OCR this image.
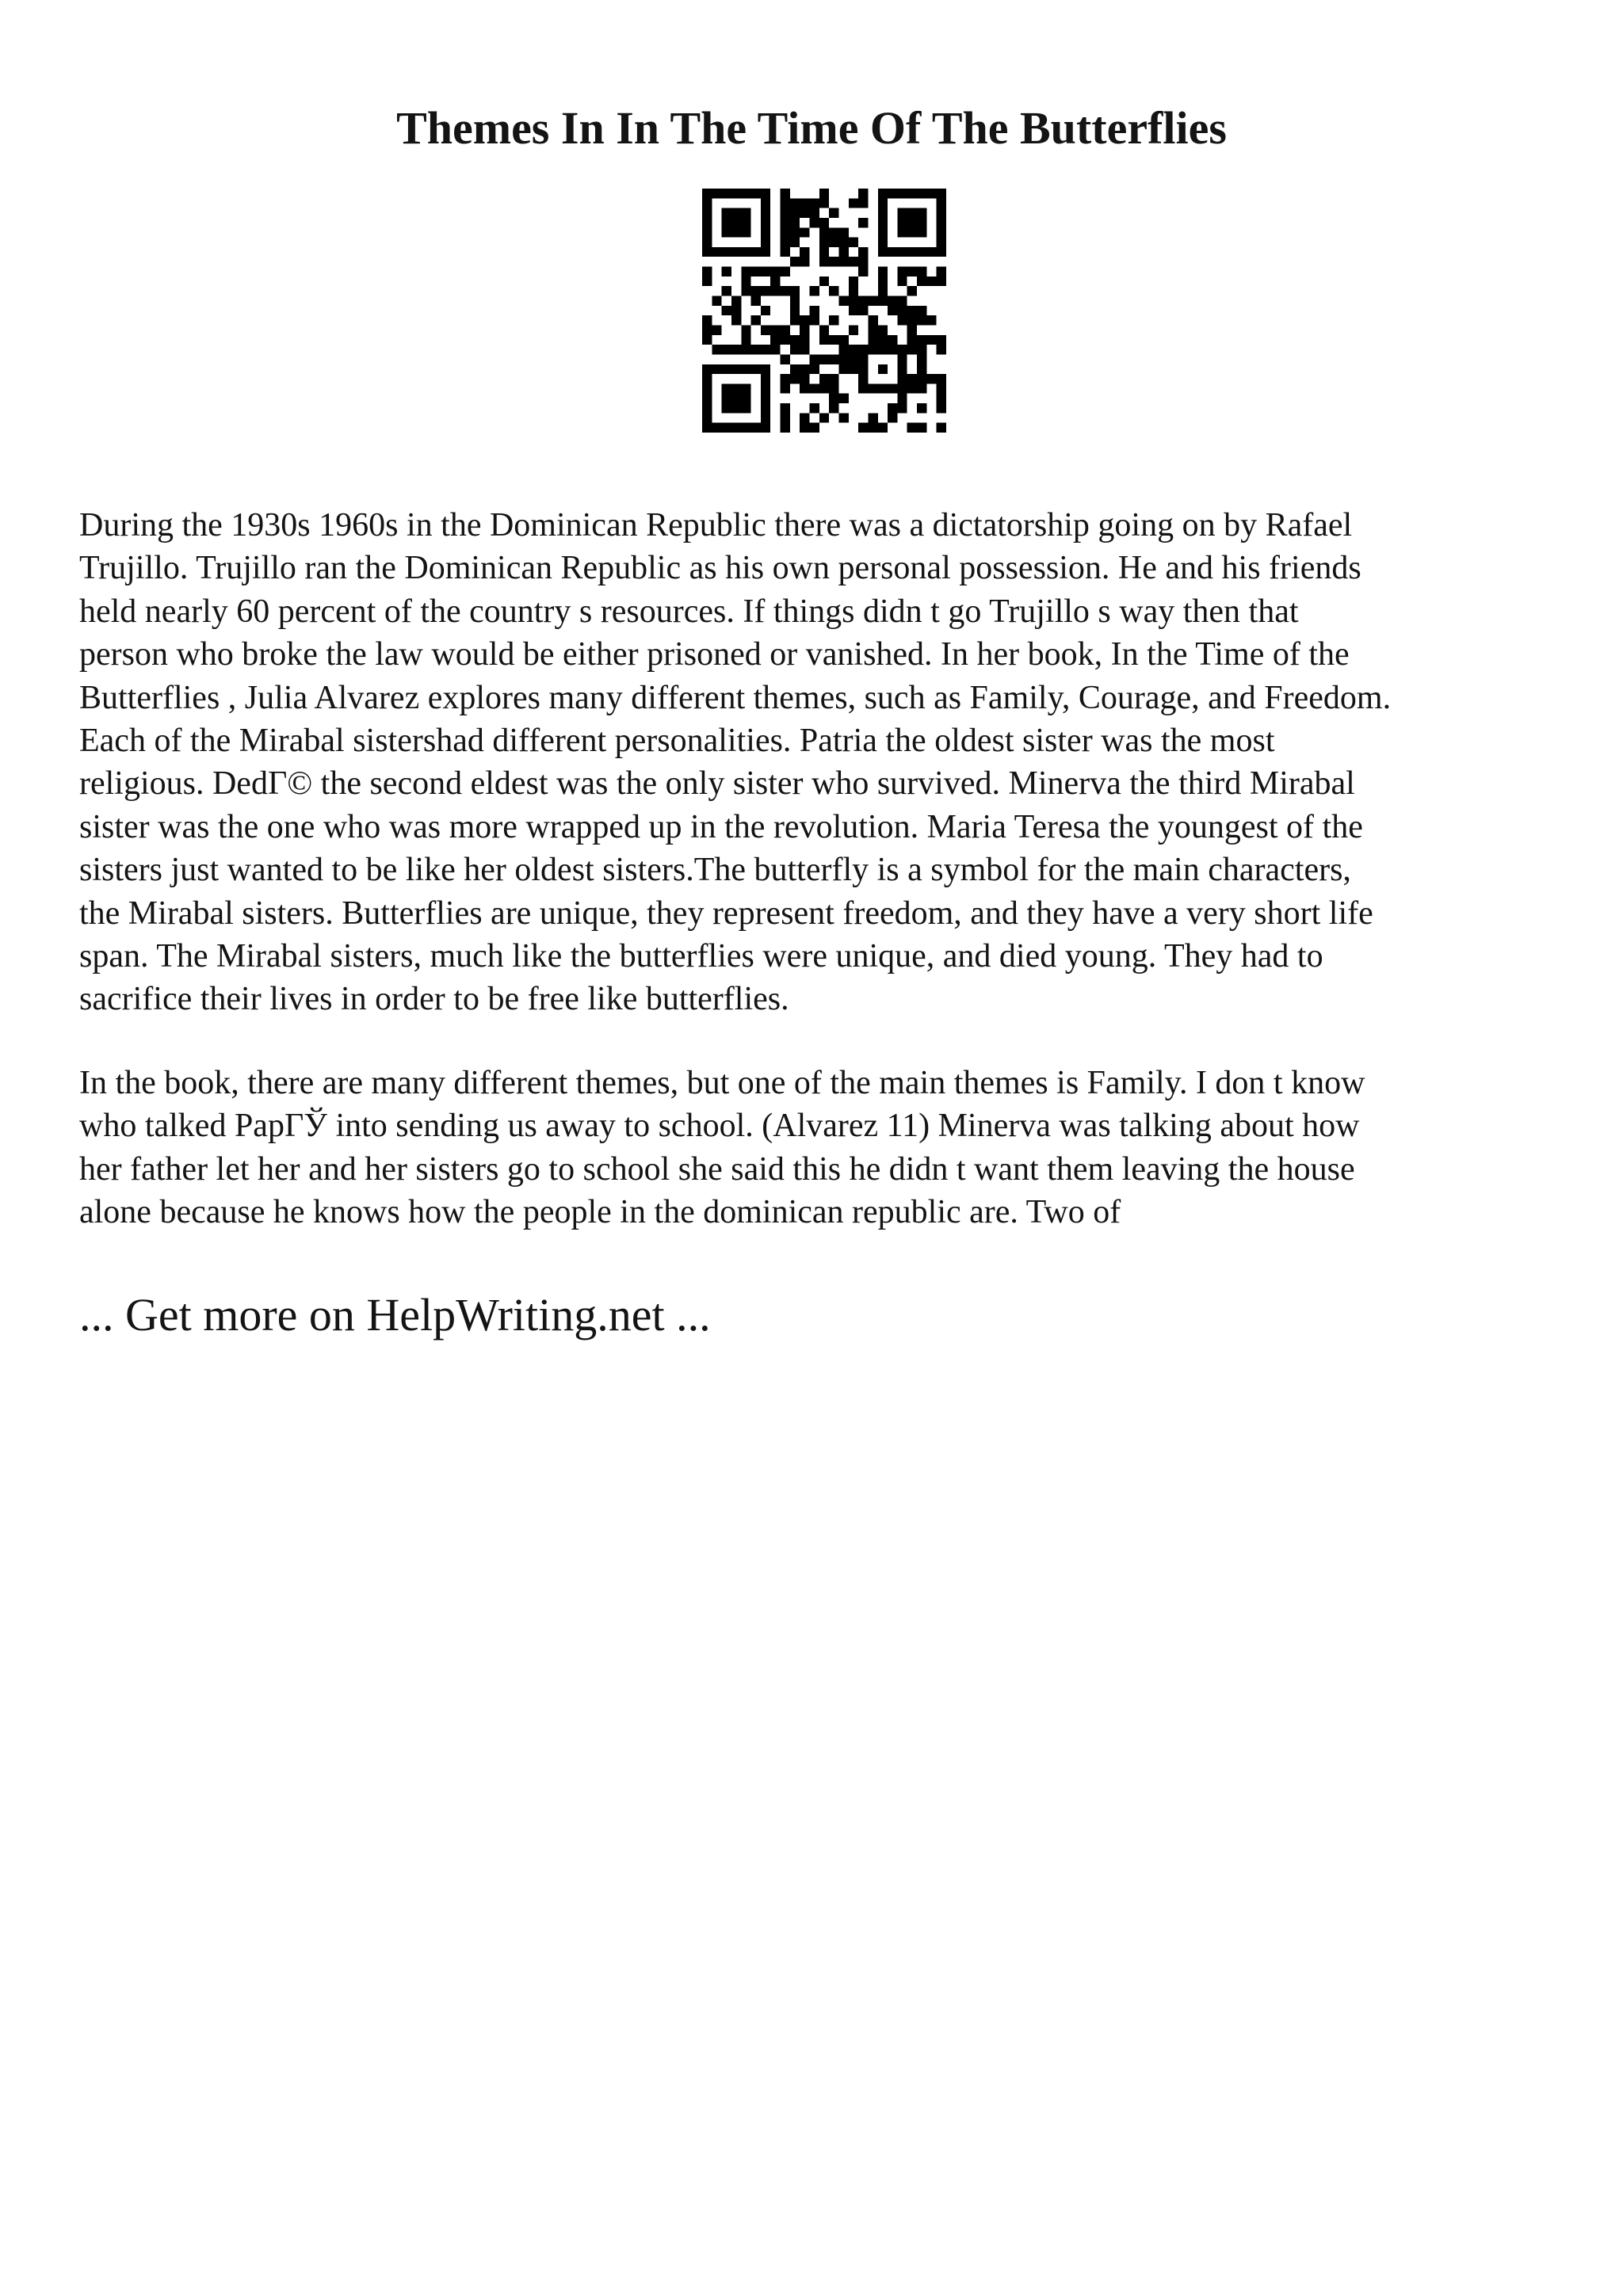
Themes In In The Time Of The Butterflies
During the 1930s 1960s in the Dominican Republic there was a dictatorship going on by Rafael
Trujillo. Trujillo ran the Dominican Republic as his own personal possession. He and his friends
held nearly 60 percent of the country s resources. If things didn t go Trujillo s way then that
person who broke the law would be either prisoned or vanished. In her book, In the Time of the
Butterflies , Julia Alvarez explores many different themes, such as Family, Courage, and Freedom.
Each of the Mirabal sistershad different personalities. Patria the oldest sister was the most
religious. DedГ© the second eldest was the only sister who survived. Minerva the third Mirabal
sister was the one who was more wrapped up in the revolution. Maria Teresa the youngest of the
sisters just wanted to be like her oldest sisters.The butterfly is a symbol for the main characters,
the Mirabal sisters. Butterflies are unique, they represent freedom, and they have a very short life
span. The Mirabal sisters, much like the butterflies were unique, and died young. They had to
sacrifice their lives in order to be free like butterflies.
In the book, there are many different themes, but one of the main themes is Family. I don t know
who talked PapГЎ into sending us away to school. (Alvarez 11) Minerva was talking about how
her father let her and her sisters go to school she said this he didn t want them leaving the house
alone because he knows how the people in the dominican republic are. Two of

... Get more on HelpWriting.net ...
